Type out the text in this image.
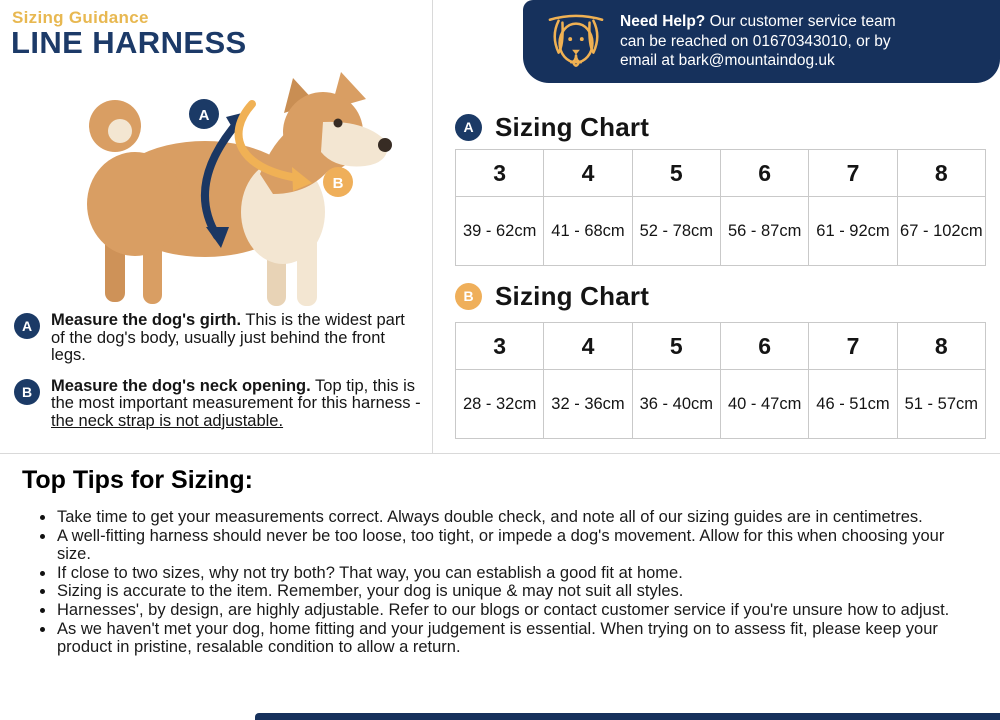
Sizing Guidance
LINE HARNESS
Need Help? Our customer service team
can be reached on 01670343010, or by
email at bark@mountaindog.uk
A
B
A	Measure the dog's girth. This is the widest part of the dog's body, usually just behind the front legs.
B	Measure the dog's neck opening. Top tip, this is the most important measurement for this harness - the neck strap is not adjustable.
A Sizing Chart
3	4	5	6	7	8
39 - 62cm	41 - 68cm	52 - 78cm	56 - 87cm	61 - 92cm	67 - 102cm
B Sizing Chart
3	4	5	6	7	8
28 - 32cm	32 - 36cm	36 - 40cm	40 - 47cm	46 - 51cm	51 - 57cm
Top Tips for Sizing:
Take time to get your measurements correct. Always double check, and note all of our sizing guides are in centimetres.
A well-fitting harness should never be too loose, too tight, or impede a dog's movement. Allow for this when choosing your size.
If close to two sizes, why not try both? That way, you can establish a good fit at home.
Sizing is accurate to the item. Remember, your dog is unique & may not suit all styles.
Harnesses', by design, are highly adjustable. Refer to our blogs or contact customer service if you're unsure how to adjust.
As we haven't met your dog, home fitting and your judgement is essential. When trying on to assess fit, please keep your product in pristine, resalable condition to allow a return.
